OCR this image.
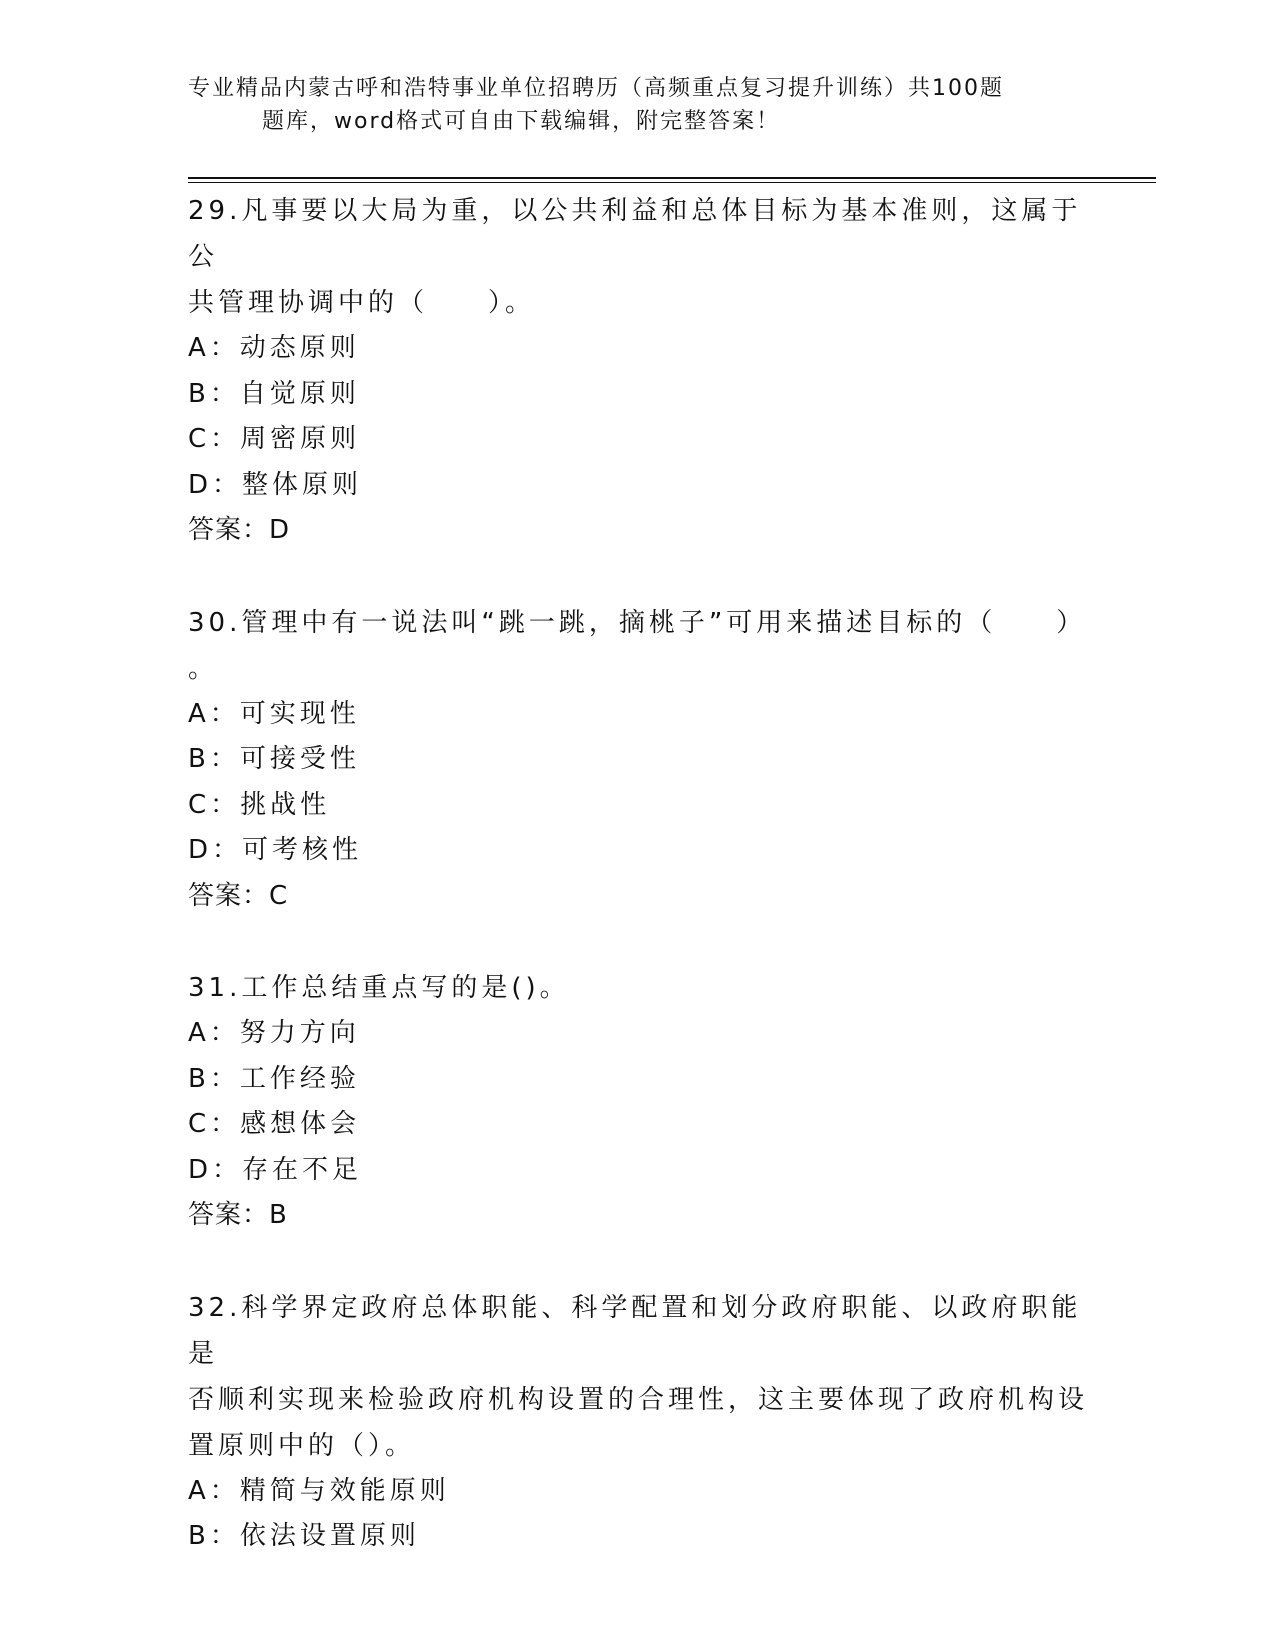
专业精品内蒙古呼和浩特事业单位招聘历（高频重点复习提升训练）共100题
题库，word格式可自由下载编辑，附完整答案！
29.凡事要以大局为重，以公共利益和总体目标为基本准则，这属于公
共管理协调中的（　　）。
A：动态原则
B：自觉原则
C：周密原则
D：整体原则
答案：D
30.管理中有一说法叫“跳一跳，摘桃子”可用来描述目标的（　　）
。
A：可实现性
B：可接受性
C：挑战性
D：可考核性
答案：C
31.工作总结重点写的是()。
A：努力方向
B：工作经验
C：感想体会
D：存在不足
答案：B
32.科学界定政府总体职能、科学配置和划分政府职能、以政府职能是
否顺利实现来检验政府机构设置的合理性，这主要体现了政府机构设
置原则中的（）。
A：精简与效能原则
B：依法设置原则
